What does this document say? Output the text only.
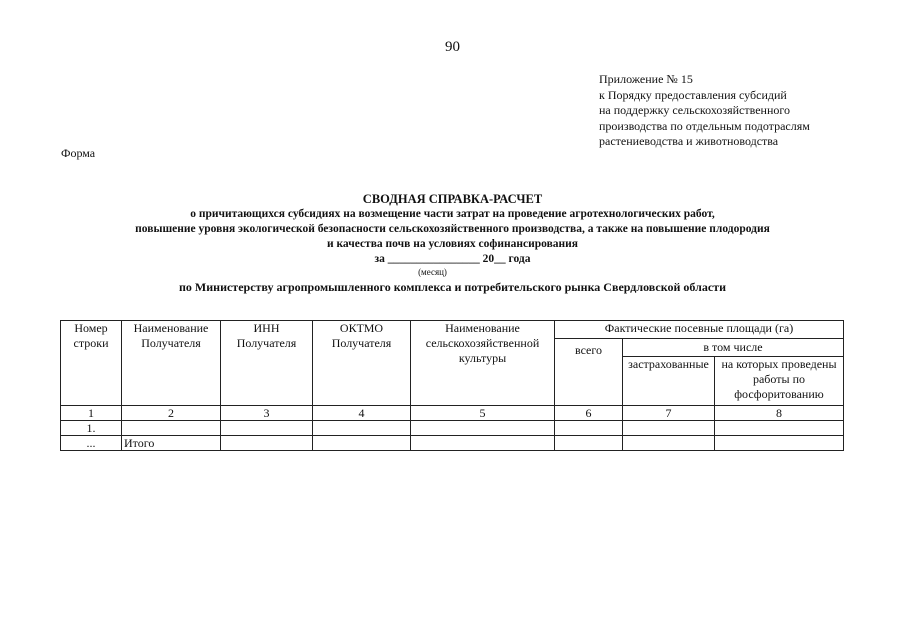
90
Приложение № 15
к Порядку предоставления субсидий
на поддержку сельскохозяйственного
производства по отдельным подотраслям
растениеводства и животноводства
Форма
СВОДНАЯ СПРАВКА-РАСЧЕТ
о причитающихся субсидиях на возмещение части затрат на проведение агротехнологических работ,
повышение уровня экологической безопасности сельскохозяйственного производства, а также на повышение плодородия
и качества почв на условиях софинансирования
за ________________ 20__ года
(месяц)
по Министерству агропромышленного комплекса и потребительского рынка Свердловской области
Номер строки	Наименование Получателя	ИНН Получателя	ОКТМО Получателя	Наименование сельскохозяйственной культуры	Фактические посевные площади (га)		
					всего	в том числе	
						застрахованные	на которых проведены работы по фосфоритованию
1	2	3	4	5	6	7	8
1.							
...	Итого						
